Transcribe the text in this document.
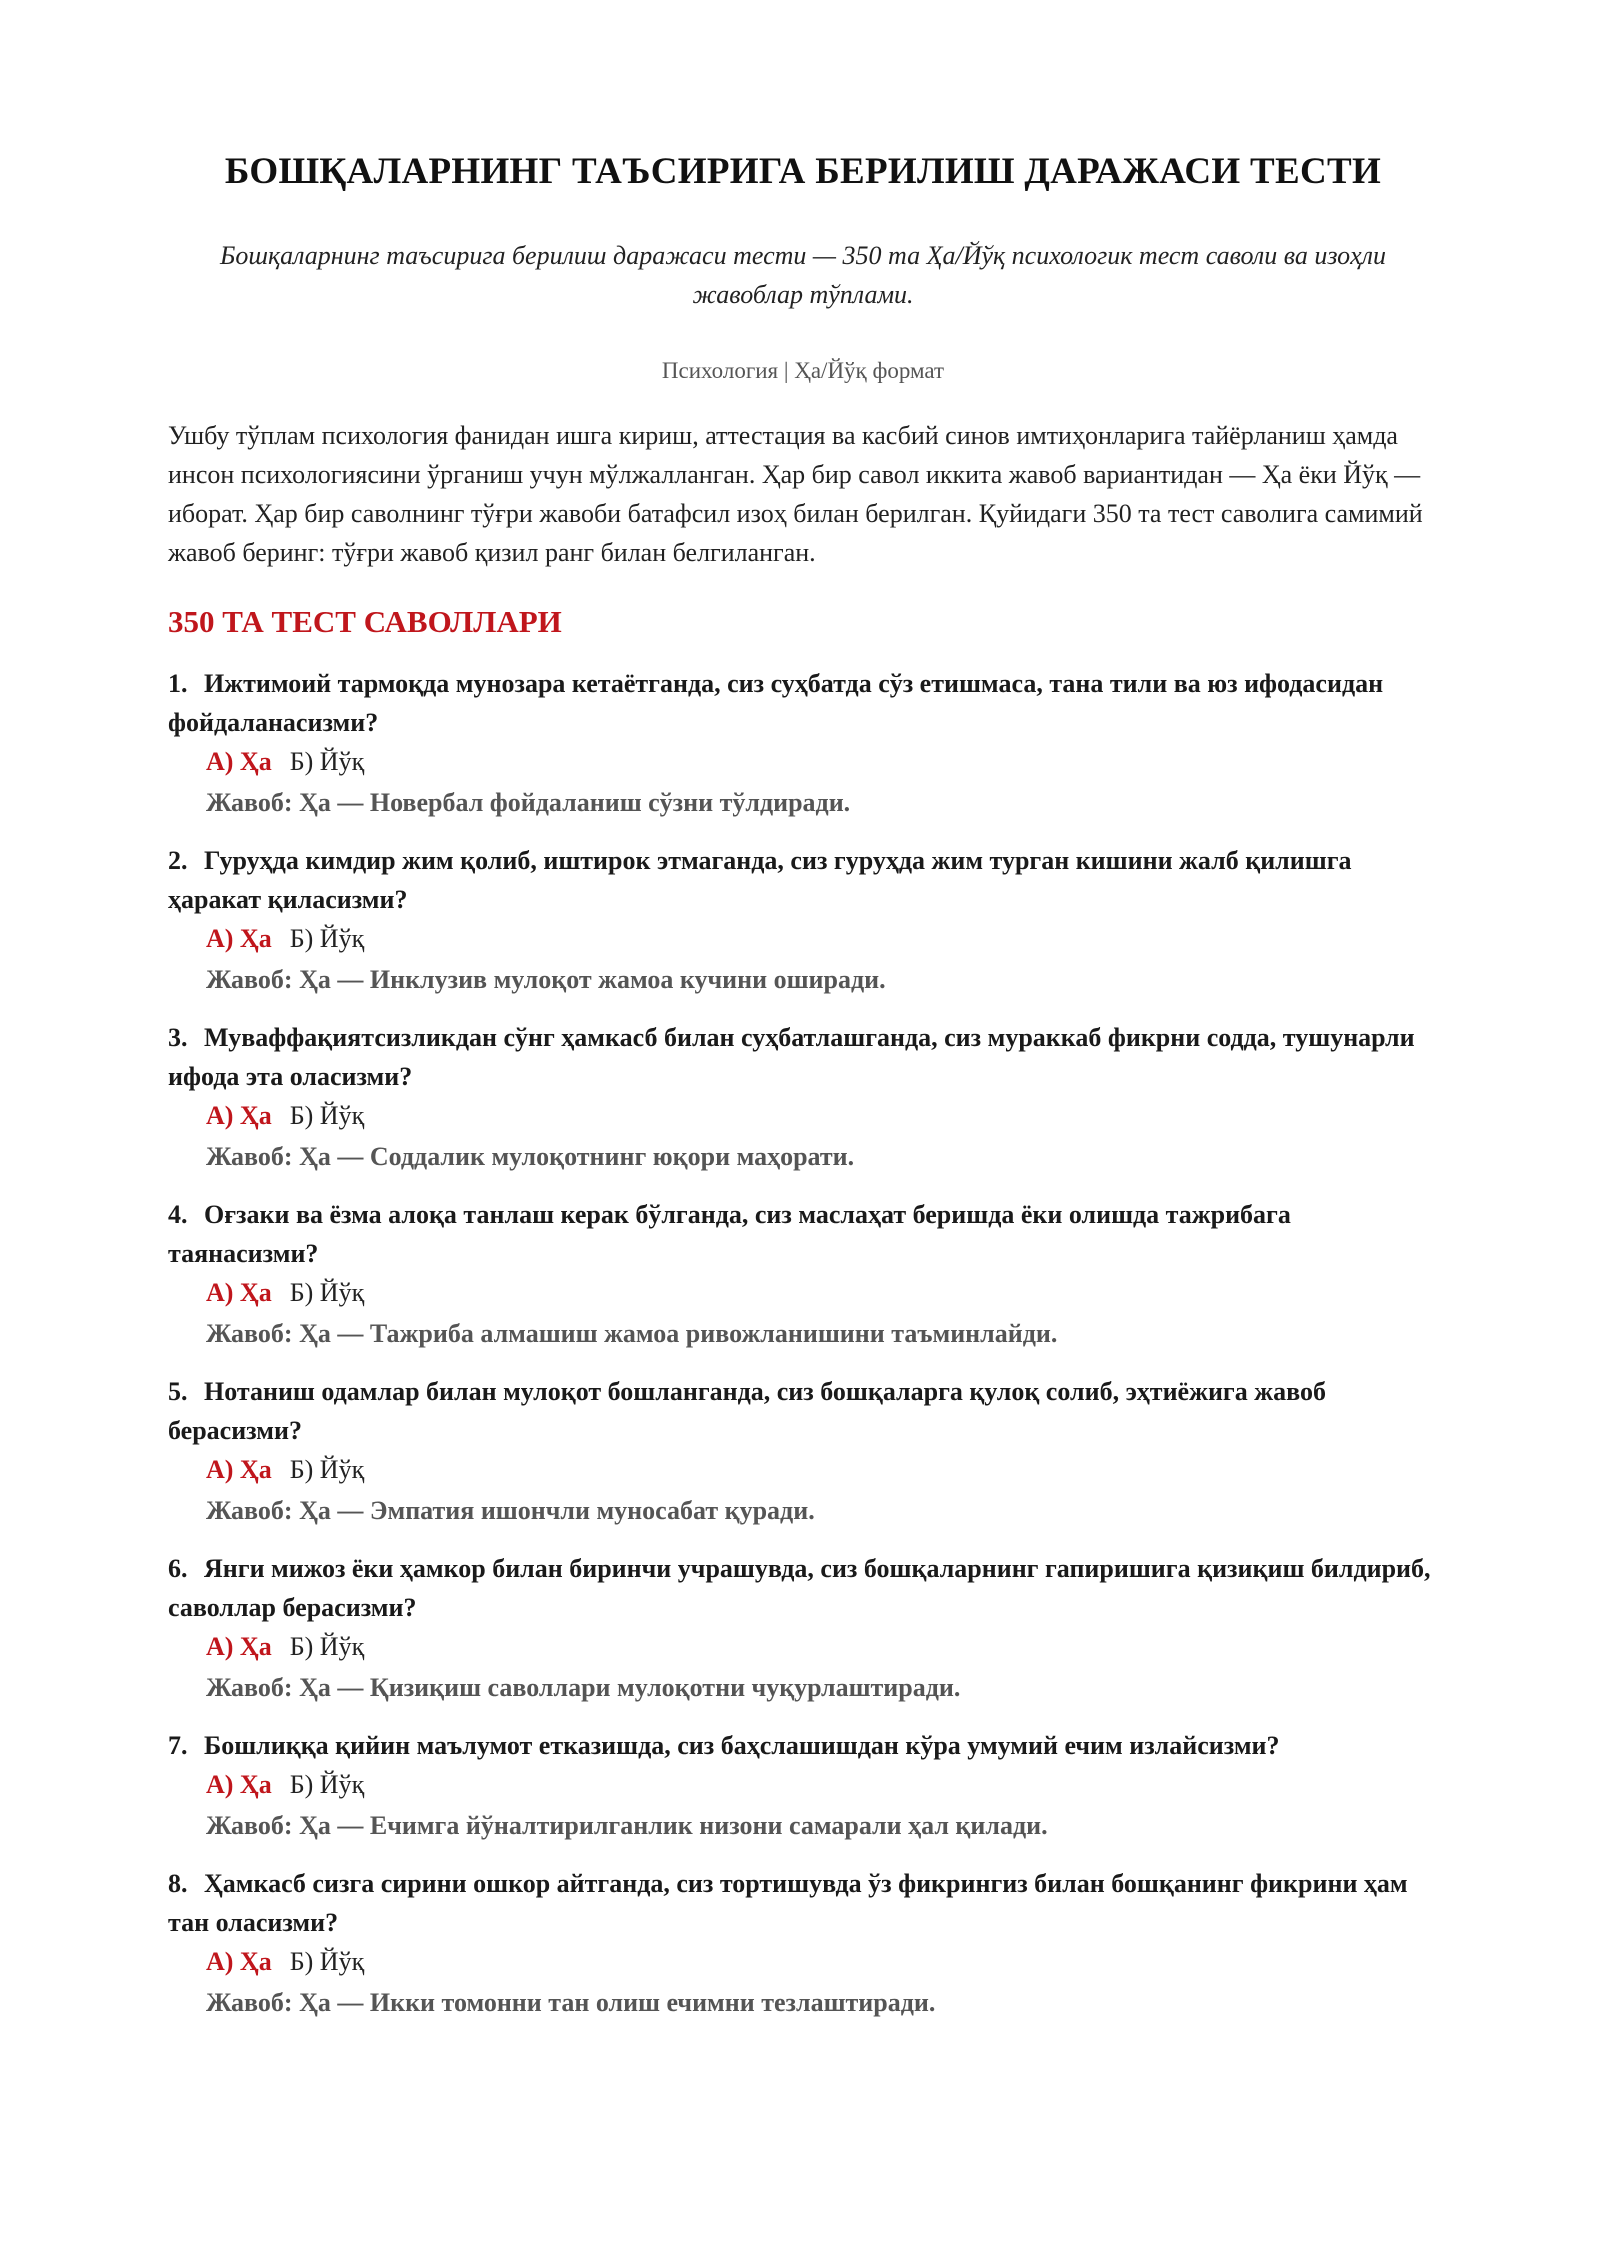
БОШҚАЛАРНИНГ ТАЪСИРИГА БЕРИЛИШ ДАРАЖАСИ ТЕСТИ
Бошқаларнинг таъсирига берилиш даражаси тести — 350 та Ҳа/Йўқ психологик тест саволи ва изоҳли жавоблар тўплами.
Психология | Ҳа/Йўқ формат
Ушбу тўплам психология фанидан ишга кириш, аттестация ва касбий синов имтиҳонларига тайёрланиш ҳамда инсон психологиясини ўрганиш учун мўлжалланган. Ҳар бир савол иккита жавоб вариантидан — Ҳа ёки Йўқ — иборат. Ҳар бир саволнинг тўғри жавоби батафсил изоҳ билан берилган. Қуйидаги 350 та тест саволига самимий жавоб беринг: тўғри жавоб қизил ранг билан белгиланган.
350 ТА ТЕСТ САВОЛЛАРИ
1. Ижтимоий тармоқда мунозара кетаётганда, сиз суҳбатда сўз етишмаса, тана тили ва юз ифодасидан фойдаланасизми?
А) Ҳа Б) Йўқ
Жавоб: Ҳа — Новербал фойдаланиш сўзни тўлдиради.
2. Гуруҳда кимдир жим қолиб, иштирок этмаганда, сиз гуруҳда жим турган кишини жалб қилишга ҳаракат қиласизми?
А) Ҳа Б) Йўқ
Жавоб: Ҳа — Инклузив мулоқот жамоа кучини оширади.
3. Муваффақиятсизликдан сўнг ҳамкасб билан суҳбатлашганда, сиз мураккаб фикрни содда, тушунарли ифода эта оласизми?
А) Ҳа Б) Йўқ
Жавоб: Ҳа — Соддалик мулоқотнинг юқори маҳорати.
4. Оғзаки ва ёзма алоқа танлаш керак бўлганда, сиз маслаҳат беришда ёки олишда тажрибага таянасизми?
А) Ҳа Б) Йўқ
Жавоб: Ҳа — Тажриба алмашиш жамоа ривожланишини таъминлайди.
5. Нотаниш одамлар билан мулоқот бошланганда, сиз бошқаларга қулоқ солиб, эҳтиёжига жавоб берасизми?
А) Ҳа Б) Йўқ
Жавоб: Ҳа — Эмпатия ишончли муносабат қуради.
6. Янги мижоз ёки ҳамкор билан биринчи учрашувда, сиз бошқаларнинг гапиришига қизиқиш билдириб, саволлар берасизми?
А) Ҳа Б) Йўқ
Жавоб: Ҳа — Қизиқиш саволлари мулоқотни чуқурлаштиради.
7. Бошлиққа қийин маълумот етказишда, сиз баҳслашишдан кўра умумий ечим излайсизми?
А) Ҳа Б) Йўқ
Жавоб: Ҳа — Ечимга йўналтирилганлик низони самарали ҳал қилади.
8. Ҳамкасб сизга сирини ошкор айтганда, сиз тортишувда ўз фикрингиз билан бошқанинг фикрини ҳам тан оласизми?
А) Ҳа Б) Йўқ
Жавоб: Ҳа — Икки томонни тан олиш ечимни тезлаштиради.
